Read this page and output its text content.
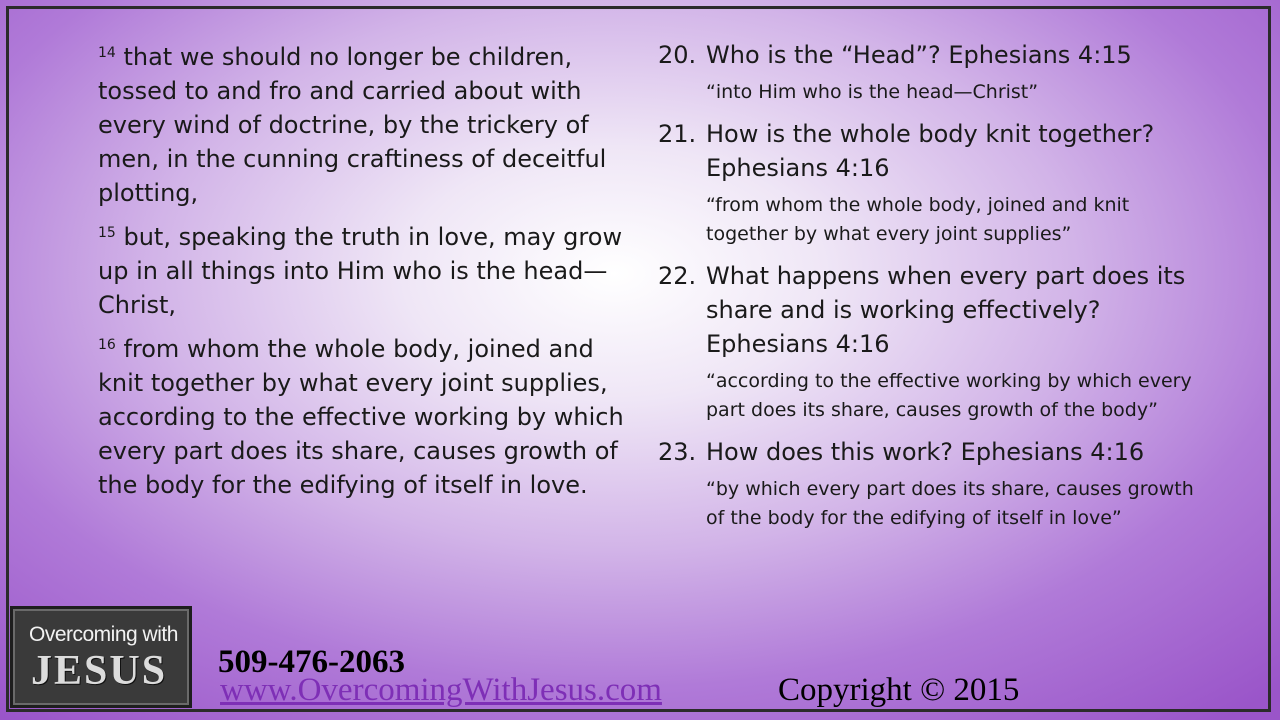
$^{14}$ that we should no longer be children, tossed to and fro and carried about with every wind of doctrine, by the trickery of men, in the cunning craftiness of deceitful plotting,

$^{15}$ but, speaking the truth in love, may grow up in all things into Him who is the head—Christ,

$^{16}$ from whom the whole body, joined and knit together by what every joint supplies, according to the effective working by which every part does its share, causes growth of the body for the edifying of itself in love.

20. Who is the “Head”? Ephesians 4:15
“into Him who is the head—Christ”
21. How is the whole body knit together? Ephesians 4:16
“from whom the whole body, joined and knit together by what every joint supplies”
22. What happens when every part does its share and is working effectively? Ephesians 4:16
“according to the effective working by which every part does its share, causes growth of the body”
23. How does this work? Ephesians 4:16
“by which every part does its share, causes growth of the body for the edifying of itself in love”
Overcoming with
JESUS 509-476-2063
www.OvercomingWithJesus.com	Copyright © 2015
